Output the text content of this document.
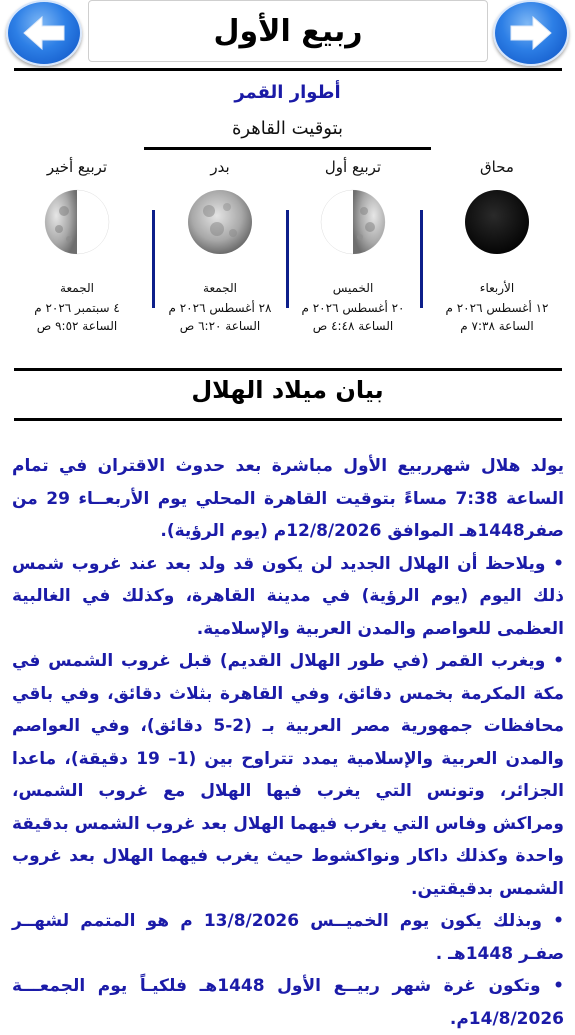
ربيع الأول
أطوار القمر
بتوقيت القاهرة
محاق
الأربعاء
١٢ أغسطس ٢٠٢٦ م
الساعة ٧:٣٨ م
تربيع أول
الخميس
٢٠ أغسطس ٢٠٢٦ م
الساعة ٤:٤٨ ص
بدر
الجمعة
٢٨ أغسطس ٢٠٢٦ م
الساعة ٦:٢٠ ص
تربيع أخير
الجمعة
٤ سبتمبر ٢٠٢٦ م
الساعة ٩:٥٢ ص
بيان ميلاد الهلال

يولد هلال شهرربيع الأول مباشرة بعد حدوث الاقتران في تمام الساعة 7:38 مساءً بتوقيت القاهرة المحلي يوم الأربعــاء 29 من صفر1448هـ الموافق 12/8/2026م (يوم الرؤية).

• ويلاحظ أن الهلال الجديد لن يكون قد ولد بعد عند غروب شمس ذلك اليوم (يوم الرؤية) في مدينة القاهرة، وكذلك في الغالبية العظمى للعواصم والمدن العربية والإسلامية.

• ويغرب القمر (في طور الهلال القديم) قبل غروب الشمس في مكة المكرمة بخمس دقائق، وفي القاهرة بثلاث دقائق، وفي باقي محافظات جمهورية مصر العربية بـ (2-5 دقائق)، وفي العواصم والمدن العربية والإسلامية يمدد تتراوح بين (1– 19 دقيقة)، ماعدا الجزائر، وتونس التي يغرب فيها الهلال مع غروب الشمس، ومراكش وفاس التي يغرب فيهما الهلال بعد غروب الشمس بدقيقة واحدة وكذلك داكار ونواكشوط حيث يغرب فيهما الهلال بعد غروب الشمس بدقيقتين.

• وبذلك يكون يوم الخميــس 13/8/2026 م هو المتمم لشهــر صفـر 1448هـ .

• وتكون غرة شهر ربيــع الأول 1448هـ فلكيـاً يوم الجمعـــة 14/8/2026م.
